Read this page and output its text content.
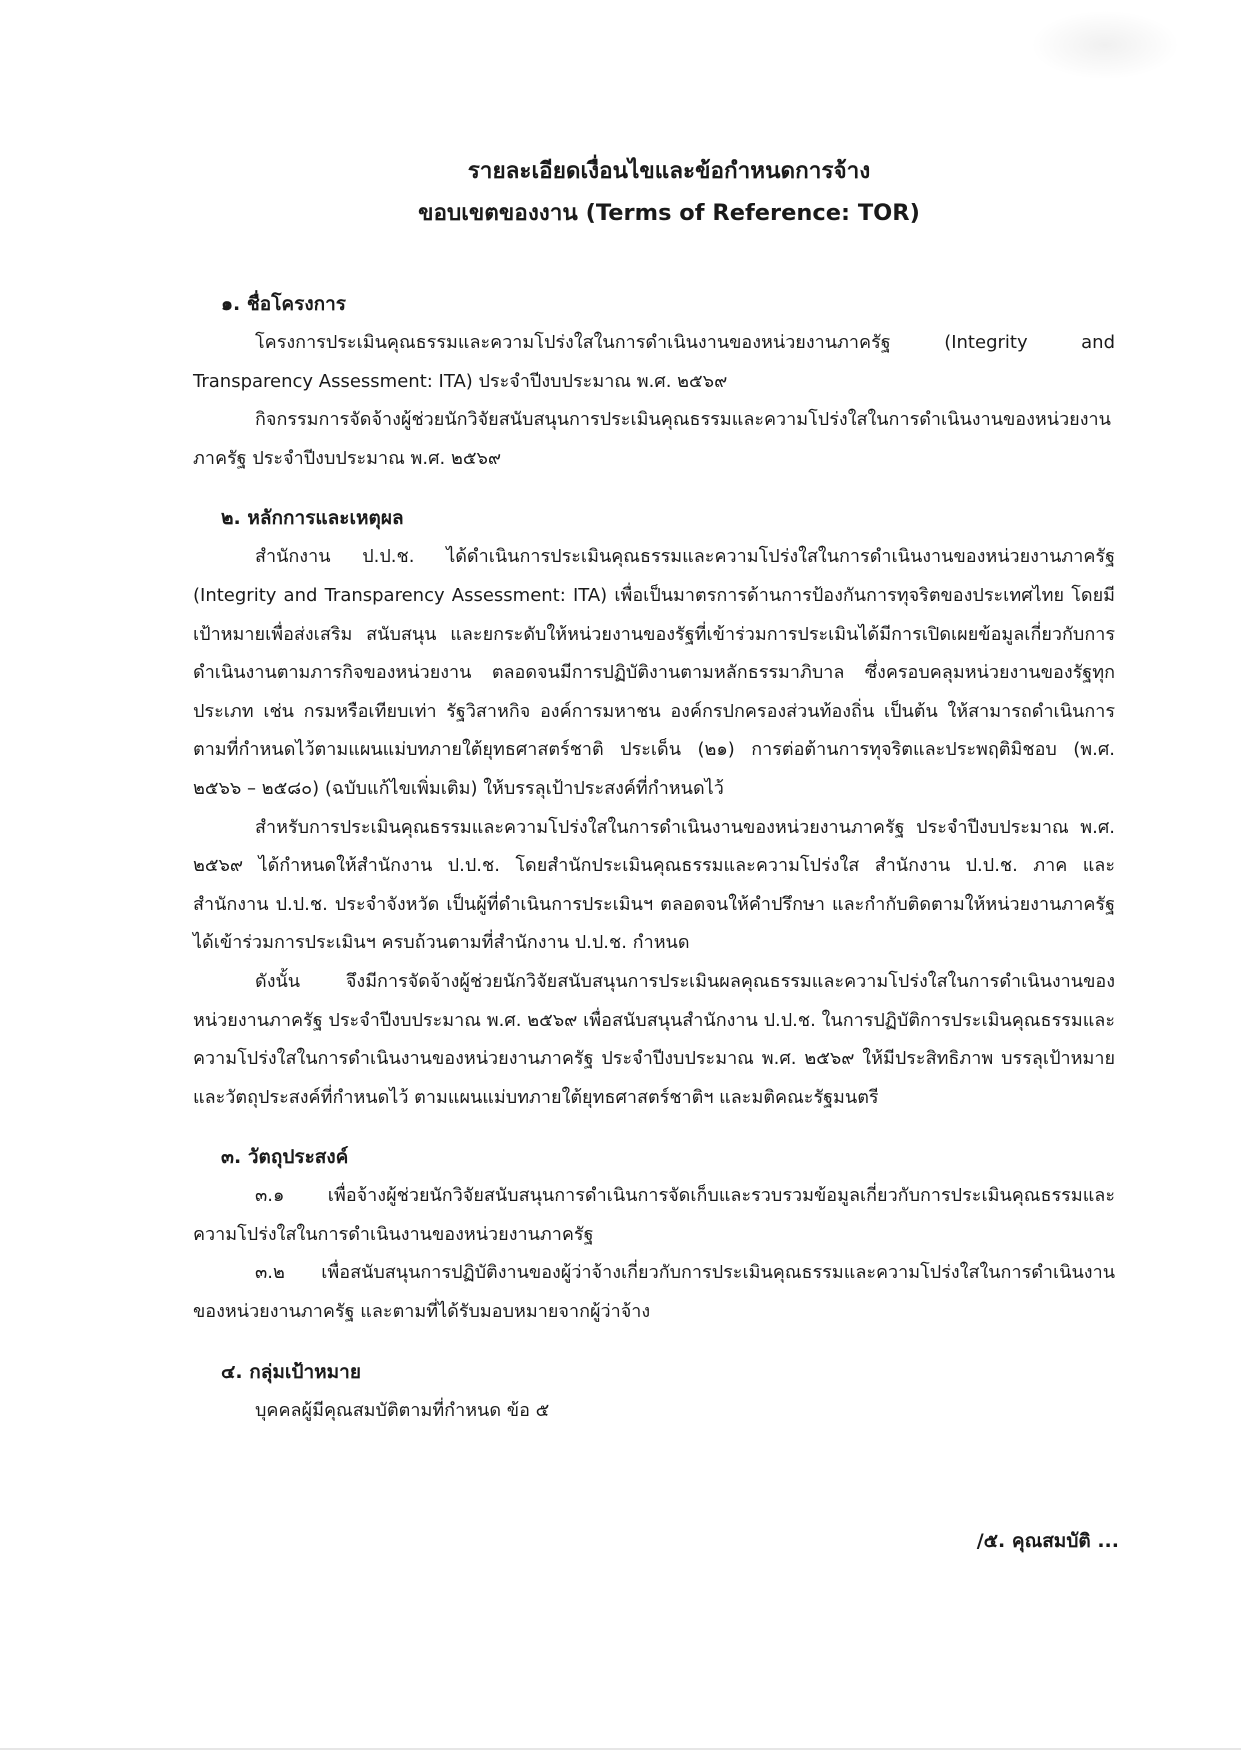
รายละเอียดเงื่อนไขและข้อกำหนดการจ้าง

ขอบเขตของงาน (Terms of Reference: TOR)

๑. ชื่อโครงการ

โครงการประเมินคุณธรรมและความโปร่งใสในการดำเนินงานของหน่วยงานภาครัฐ (Integrity and Transparency Assessment: ITA) ประจำปีงบประมาณ พ.ศ. ๒๕๖๙

กิจกรรมการจัดจ้างผู้ช่วยนักวิจัยสนับสนุนการประเมินคุณธรรมและความโปร่งใสในการดำเนินงานของหน่วยงานภาครัฐ ประจำปีงบประมาณ พ.ศ. ๒๕๖๙

๒. หลักการและเหตุผล

สำนักงาน ป.ป.ช. ได้ดำเนินการประเมินคุณธรรมและความโปร่งใสในการดำเนินงานของหน่วยงานภาครัฐ (Integrity and Transparency Assessment: ITA) เพื่อเป็นมาตรการด้านการป้องกันการทุจริตของประเทศไทย โดยมีเป้าหมายเพื่อส่งเสริม สนับสนุน และยกระดับให้หน่วยงานของรัฐที่เข้าร่วมการประเมินได้มีการเปิดเผยข้อมูลเกี่ยวกับการดำเนินงานตามภารกิจของหน่วยงาน ตลอดจนมีการปฏิบัติงานตามหลักธรรมาภิบาล ซึ่งครอบคลุมหน่วยงานของรัฐทุกประเภท เช่น กรมหรือเทียบเท่า รัฐวิสาหกิจ องค์การมหาชน องค์กรปกครองส่วนท้องถิ่น เป็นต้น ให้สามารถดำเนินการตามที่กำหนดไว้ตามแผนแม่บทภายใต้ยุทธศาสตร์ชาติ ประเด็น (๒๑) การต่อต้านการทุจริตและประพฤติมิชอบ (พ.ศ. ๒๕๖๖ – ๒๕๘๐) (ฉบับแก้ไขเพิ่มเติม) ให้บรรลุเป้าประสงค์ที่กำหนดไว้

สำหรับการประเมินคุณธรรมและความโปร่งใสในการดำเนินงานของหน่วยงานภาครัฐ ประจำปีงบประมาณ พ.ศ. ๒๕๖๙ ได้กำหนดให้สำนักงาน ป.ป.ช. โดยสำนักประเมินคุณธรรมและความโปร่งใส สำนักงาน ป.ป.ช. ภาค และสำนักงาน ป.ป.ช. ประจำจังหวัด เป็นผู้ที่ดำเนินการประเมินฯ ตลอดจนให้คำปรึกษา และกำกับติดตามให้หน่วยงานภาครัฐได้เข้าร่วมการประเมินฯ ครบถ้วนตามที่สำนักงาน ป.ป.ช. กำหนด

ดังนั้น จึงมีการจัดจ้างผู้ช่วยนักวิจัยสนับสนุนการประเมินผลคุณธรรมและความโปร่งใสในการดำเนินงานของหน่วยงานภาครัฐ ประจำปีงบประมาณ พ.ศ. ๒๕๖๙ เพื่อสนับสนุนสำนักงาน ป.ป.ช. ในการปฏิบัติการประเมินคุณธรรมและความโปร่งใสในการดำเนินงานของหน่วยงานภาครัฐ ประจำปีงบประมาณ พ.ศ. ๒๕๖๙ ให้มีประสิทธิภาพ บรรลุเป้าหมายและวัตถุประสงค์ที่กำหนดไว้ ตามแผนแม่บทภายใต้ยุทธศาสตร์ชาติฯ และมติคณะรัฐมนตรี

๓. วัตถุประสงค์

๓.๑ เพื่อจ้างผู้ช่วยนักวิจัยสนับสนุนการดำเนินการจัดเก็บและรวบรวมข้อมูลเกี่ยวกับการประเมินคุณธรรมและความโปร่งใสในการดำเนินงานของหน่วยงานภาครัฐ

๓.๒ เพื่อสนับสนุนการปฏิบัติงานของผู้ว่าจ้างเกี่ยวกับการประเมินคุณธรรมและความโปร่งใสในการดำเนินงานของหน่วยงานภาครัฐ และตามที่ได้รับมอบหมายจากผู้ว่าจ้าง

๔. กลุ่มเป้าหมาย

บุคคลผู้มีคุณสมบัติตามที่กำหนด ข้อ ๕

/๕. คุณสมบัติ ...
